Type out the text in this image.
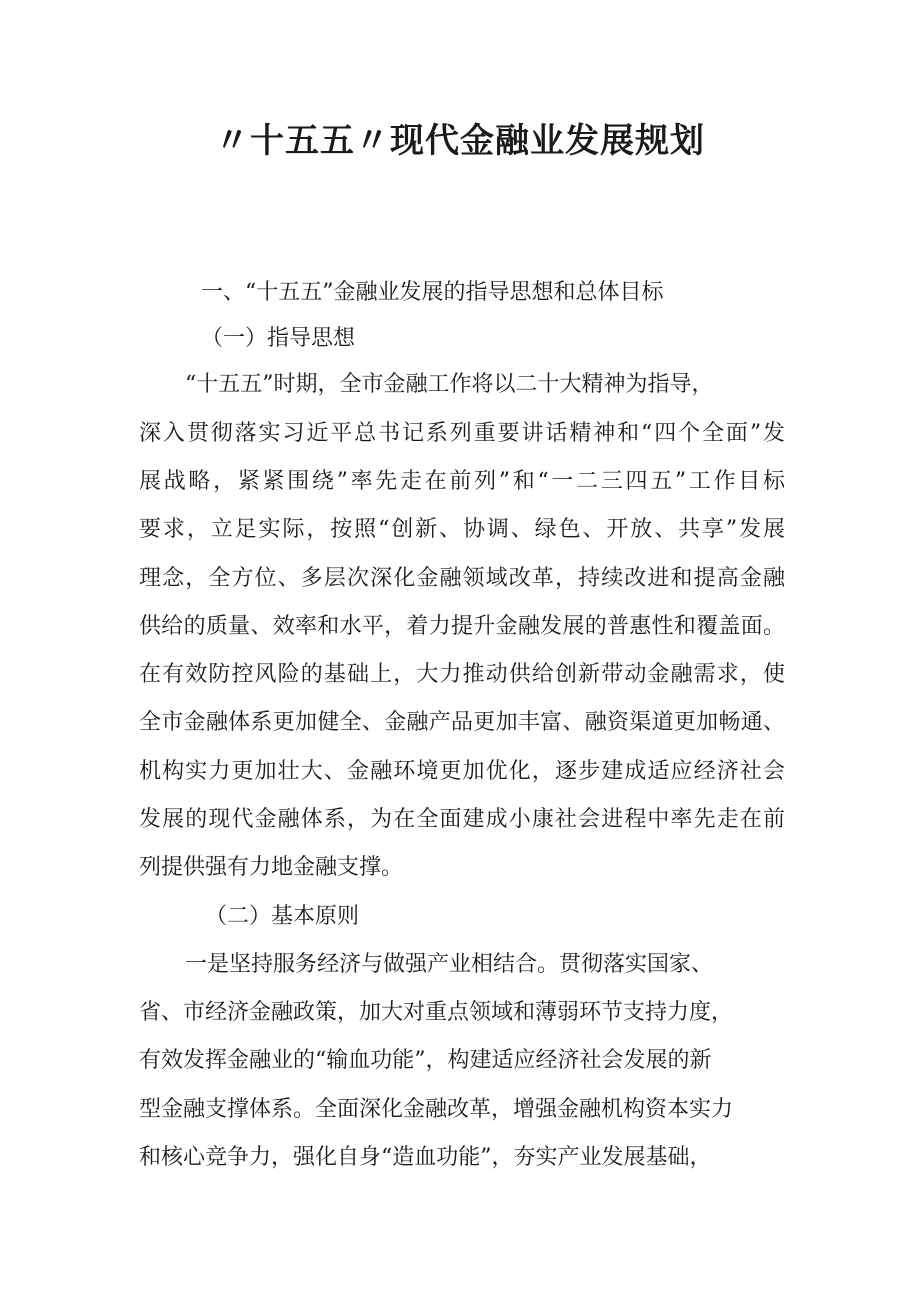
〃十五五〃现代金融业发展规划
一、“十五五”金融业发展的指导思想和总体目标
（一）指导思想
“十五五”时期，全市金融工作将以二十大精神为指导，
深入贯彻落实习近平总书记系列重要讲话精神和“四个全面”发
展战略，紧紧围绕”率先走在前列”和“一二三四五”工作目标
要求，立足实际，按照“创新、协调、绿色、开放、共享”发展
理念，全方位、多层次深化金融领域改革，持续改进和提高金融
供给的质量、效率和水平，着力提升金融发展的普惠性和覆盖面。
在有效防控风险的基础上，大力推动供给创新带动金融需求，使
全市金融体系更加健全、金融产品更加丰富、融资渠道更加畅通、
机构实力更加壮大、金融环境更加优化，逐步建成适应经济社会
发展的现代金融体系，为在全面建成小康社会进程中率先走在前
列提供强有力地金融支撑。
（二）基本原则
一是坚持服务经济与做强产业相结合。贯彻落实国家、
省、市经济金融政策，加大对重点领域和薄弱环节支持力度，
有效发挥金融业的“输血功能”，构建适应经济社会发展的新
型金融支撑体系。全面深化金融改革，增强金融机构资本实力
和核心竞争力，强化自身“造血功能”，夯实产业发展基础，
